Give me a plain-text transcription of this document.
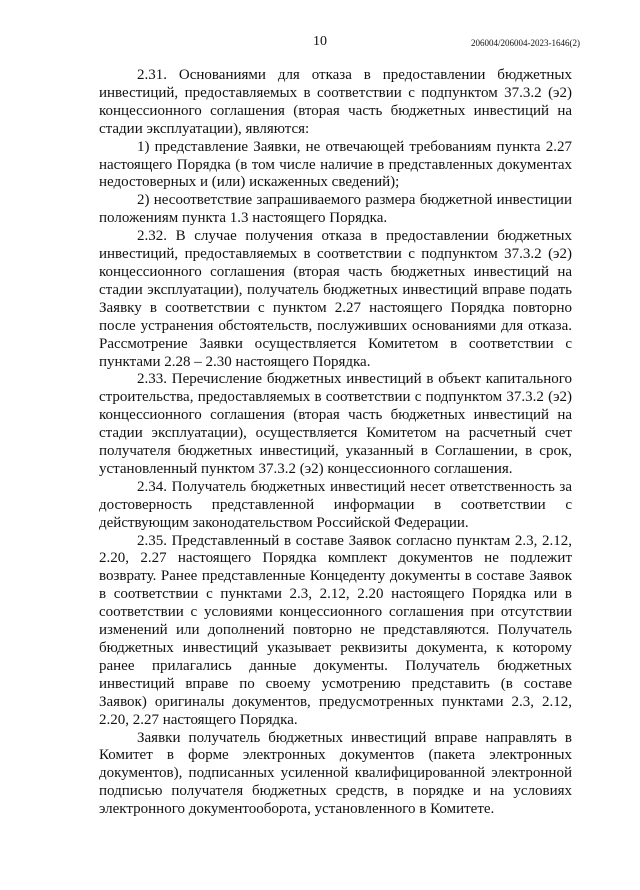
10	206004/206004-2023-1646(2)

2.31. Основаниями для отказа в предоставлении бюджетных инвестиций, предоставляемых в соответствии с подпунктом 37.3.2 (э2) концессионного соглашения (вторая часть бюджетных инвестиций на стадии эксплуатации), являются:

1) представление Заявки, не отвечающей требованиям пункта 2.27 настоящего Порядка (в том числе наличие в представленных документах недостоверных и (или) искаженных сведений);

2) несоответствие запрашиваемого размера бюджетной инвестиции положениям пункта 1.3 настоящего Порядка.

2.32. В случае получения отказа в предоставлении бюджетных инвестиций, предоставляемых в соответствии с подпунктом 37.3.2 (э2) концессионного соглашения (вторая часть бюджетных инвестиций на стадии эксплуатации), получатель бюджетных инвестиций вправе подать Заявку в соответствии с пунктом 2.27 настоящего Порядка повторно после устранения обстоятельств, послуживших основаниями для отказа. Рассмотрение Заявки осуществляется Комитетом в соответствии с пунктами 2.28 – 2.30 настоящего Порядка.

2.33. Перечисление бюджетных инвестиций в объект капитального строительства, предоставляемых в соответствии с подпунктом 37.3.2 (э2) концессионного соглашения (вторая часть бюджетных инвестиций на стадии эксплуатации), осуществляется Комитетом на расчетный счет получателя бюджетных инвестиций, указанный в Соглашении, в срок, установленный пунктом 37.3.2 (э2) концессионного соглашения.

2.34. Получатель бюджетных инвестиций несет ответственность за достоверность представленной информации в соответствии с действующим законодательством Российской Федерации.

2.35. Представленный в составе Заявок согласно пунктам 2.3, 2.12, 2.20, 2.27 настоящего Порядка комплект документов не подлежит возврату. Ранее представленные Концеденту документы в составе Заявок в соответствии с пунктами 2.3, 2.12, 2.20 настоящего Порядка или в соответствии с условиями концессионного соглашения при отсутствии изменений или дополнений повторно не представляются. Получатель бюджетных инвестиций указывает реквизиты документа, к которому ранее прилагались данные документы. Получатель бюджетных инвестиций вправе по своему усмотрению представить (в составе Заявок) оригиналы документов, предусмотренных пунктами 2.3, 2.12, 2.20, 2.27 настоящего Порядка.

Заявки получатель бюджетных инвестиций вправе направлять в Комитет в форме электронных документов (пакета электронных документов), подписанных усиленной квалифицированной электронной подписью получателя бюджетных средств, в порядке и на условиях электронного документооборота, установленного в Комитете.
